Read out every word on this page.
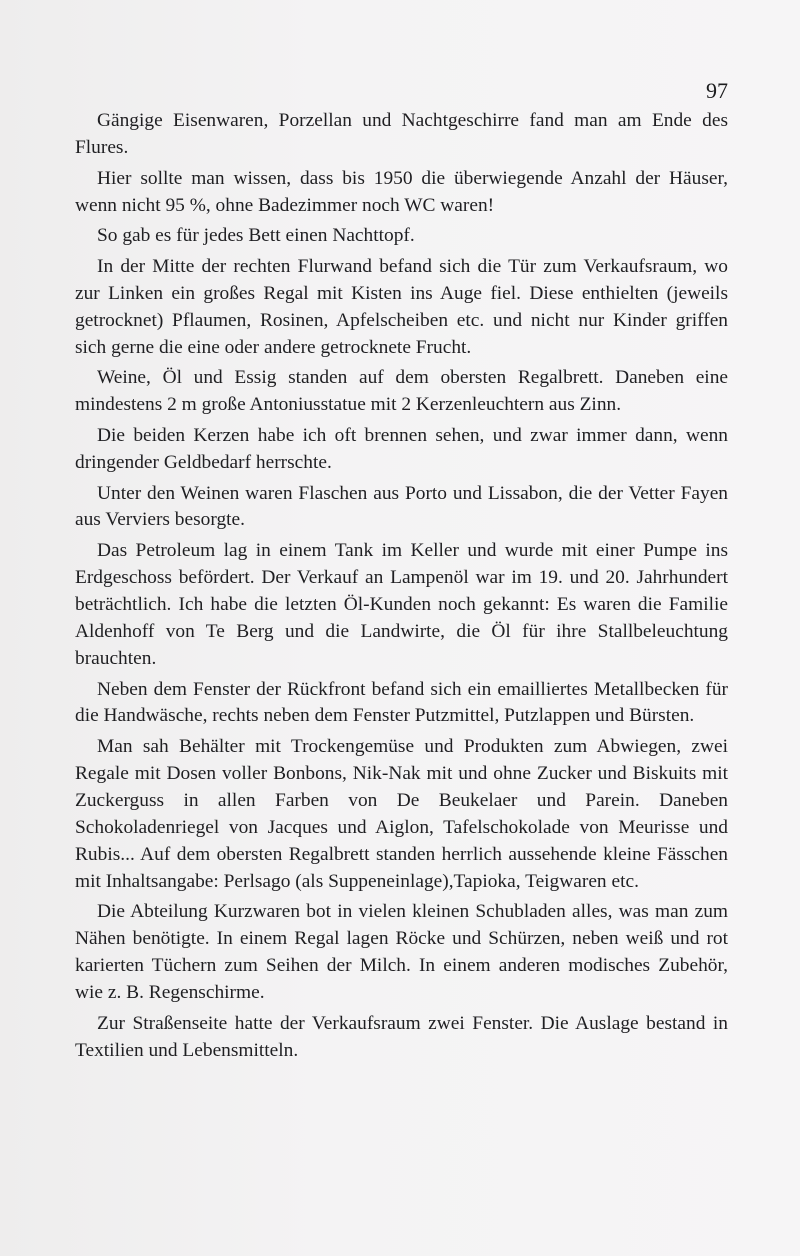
97

Gängige Eisenwaren, Porzellan und Nachtgeschirre fand man am Ende des Flures.

Hier sollte man wissen, dass bis 1950 die überwiegende Anzahl der Häuser, wenn nicht 95 %, ohne Badezimmer noch WC waren!

So gab es für jedes Bett einen Nachttopf.

In der Mitte der rechten Flurwand befand sich die Tür zum Verkaufsraum, wo zur Linken ein großes Regal mit Kisten ins Auge fiel. Diese enthielten (jeweils getrocknet) Pflaumen, Rosinen, Apfelscheiben etc. und nicht nur Kinder griffen sich gerne die eine oder andere getrocknete Frucht.

Weine, Öl und Essig standen auf dem obersten Regalbrett. Daneben eine mindestens 2 m große Antoniusstatue mit 2 Kerzenleuchtern aus Zinn.

Die beiden Kerzen habe ich oft brennen sehen, und zwar immer dann, wenn dringender Geldbedarf herrschte.

Unter den Weinen waren Flaschen aus Porto und Lissabon, die der Vetter Fayen aus Verviers besorgte.

Das Petroleum lag in einem Tank im Keller und wurde mit einer Pumpe ins Erdgeschoss befördert. Der Verkauf an Lampenöl war im 19. und 20. Jahrhundert beträchtlich. Ich habe die letzten Öl-Kunden noch gekannt: Es waren die Familie Aldenhoff von Te Berg und die Landwirte, die Öl für ihre Stallbeleuchtung brauchten.

Neben dem Fenster der Rückfront befand sich ein emailliertes Metallbecken für die Handwäsche, rechts neben dem Fenster Putzmittel, Putzlappen und Bürsten.

Man sah Behälter mit Trockengemüse und Produkten zum Abwiegen, zwei Regale mit Dosen voller Bonbons, Nik-Nak mit und ohne Zucker und Biskuits mit Zuckerguss in allen Farben von De Beukelaer und Parein. Daneben Schokoladenriegel von Jacques und Aiglon, Tafelschokolade von Meurisse und Rubis... Auf dem obersten Regalbrett standen herrlich aussehende kleine Fässchen mit Inhaltsangabe: Perlsago (als Suppeneinlage),Tapioka, Teigwaren etc.

Die Abteilung Kurzwaren bot in vielen kleinen Schubladen alles, was man zum Nähen benötigte. In einem Regal lagen Röcke und Schürzen, neben weiß und rot karierten Tüchern zum Seihen der Milch. In einem anderen modisches Zubehör, wie z. B. Regenschirme.

Zur Straßenseite hatte der Verkaufsraum zwei Fenster. Die Auslage bestand in Textilien und Lebensmitteln.
